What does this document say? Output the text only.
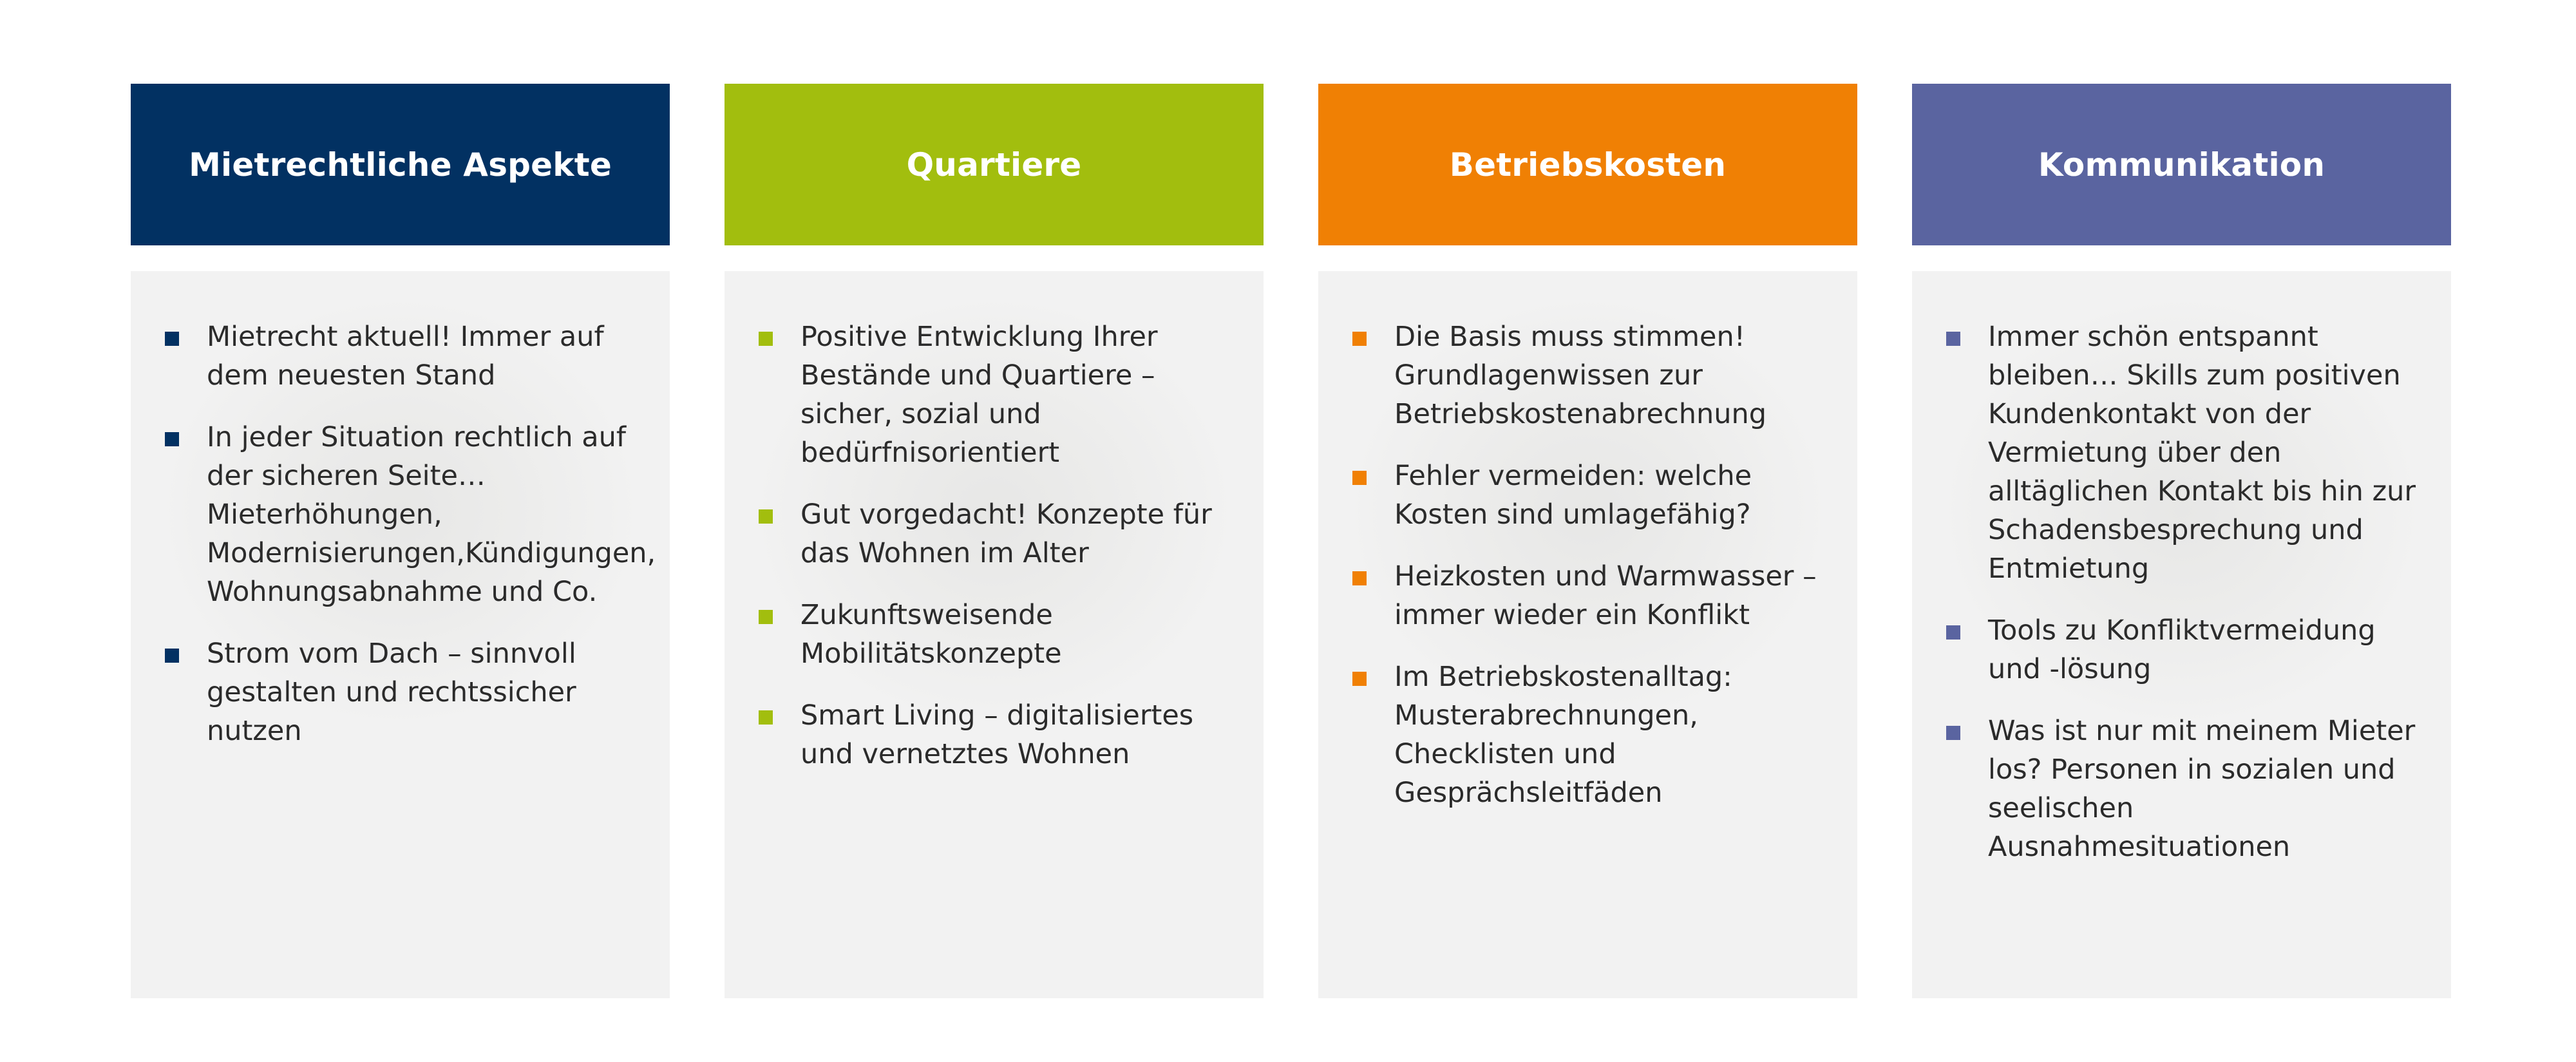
Mietrechtliche Aspekte
Mietrecht aktuell! Immer auf dem neuesten Stand
In jeder Situation rechtlich auf der sicheren Seite… Mieterhöhungen, Modernisierungen,Kündigungen, Wohnungsabnahme und Co.
Strom vom Dach – sinnvoll gestalten und rechtssicher nutzen
Quartiere
Positive Entwicklung Ihrer Bestände und Quartiere – sicher, sozial und bedürfnisorientiert
Gut vorgedacht! Konzepte für das Wohnen im Alter
Zukunftsweisende Mobilitätskonzepte
Smart Living – digitalisiertes und vernetztes Wohnen
Betriebskosten
Die Basis muss stimmen! Grundlagenwissen zur Betriebskostenabrechnung
Fehler vermeiden: welche Kosten sind umlagefähig?
Heizkosten und Warmwasser – immer wieder ein Konflikt
Im Betriebskostenalltag: Musterabrechnungen, Checklisten und Gesprächsleitfäden
Kommunikation
Immer schön entspannt bleiben… Skills zum positiven Kundenkontakt von der Vermietung über den alltäglichen Kontakt bis hin zur Schadensbesprechung und Entmietung
Tools zu Konfliktvermeidung und -lösung
Was ist nur mit meinem Mieter los? Personen in sozialen und seelischen Ausnahmesituationen
